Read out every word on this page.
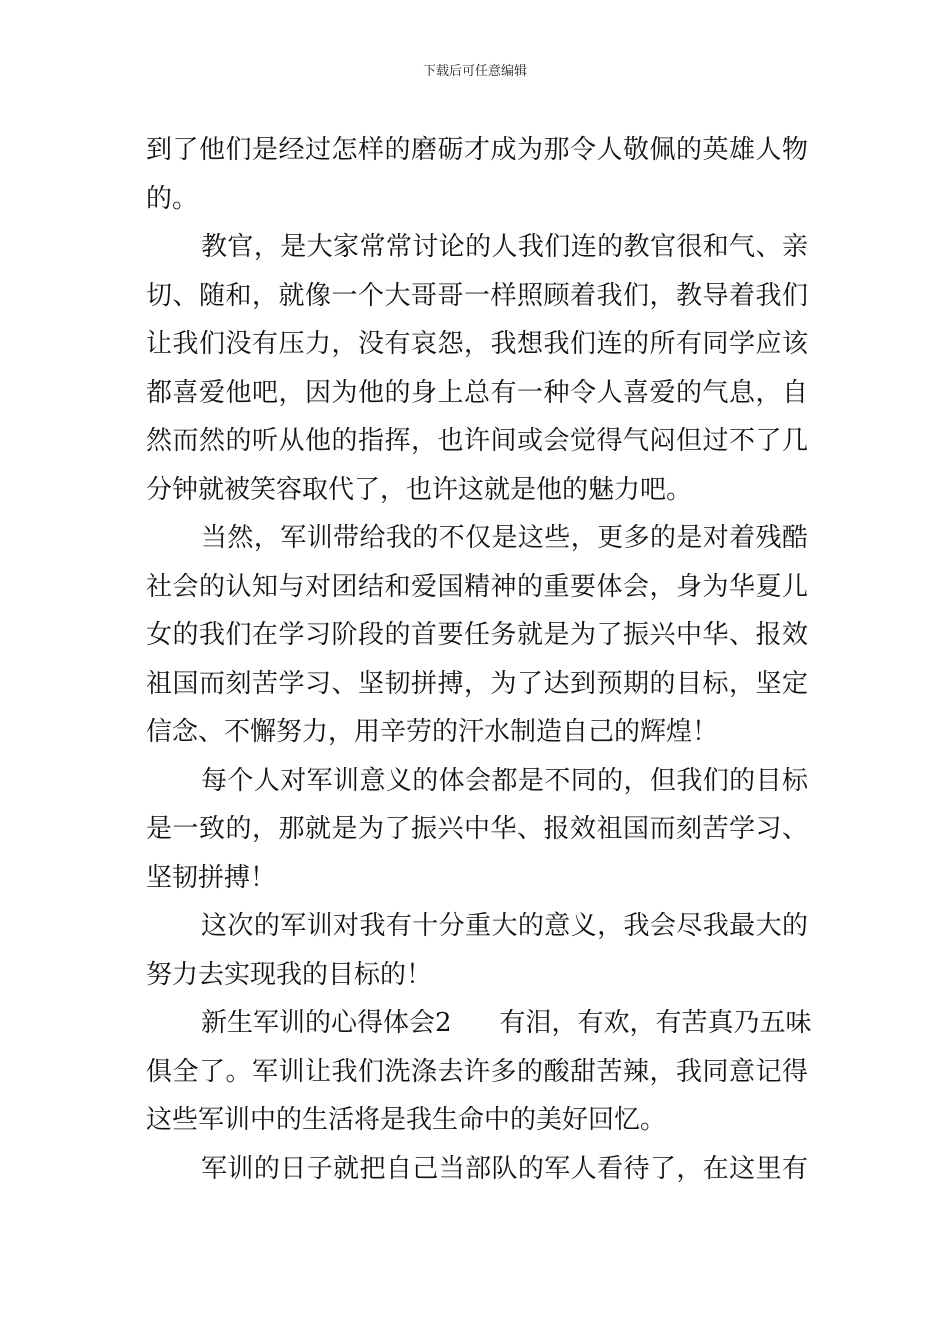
下载后可任意编辑
到了他们是经过怎样的磨砺才成为那令人敬佩的英雄人物
的。
教官，是大家常常讨论的人我们连的教官很和气、亲
切、随和，就像一个大哥哥一样照顾着我们，教导着我们
让我们没有压力，没有哀怨，我想我们连的所有同学应该
都喜爱他吧，因为他的身上总有一种令人喜爱的气息，自
然而然的听从他的指挥，也许间或会觉得气闷但过不了几
分钟就被笑容取代了，也许这就是他的魅力吧。
当然，军训带给我的不仅是这些，更多的是对着残酷
社会的认知与对团结和爱国精神的重要体会，身为华夏儿
女的我们在学习阶段的首要任务就是为了振兴中华、报效
祖国而刻苦学习、坚韧拼搏，为了达到预期的目标，坚定
信念、不懈努力，用辛劳的汗水制造自己的辉煌！
每个人对军训意义的体会都是不同的，但我们的目标
是一致的，那就是为了振兴中华、报效祖国而刻苦学习、
坚韧拼搏！
这次的军训对我有十分重大的意义，我会尽我最大的
努力去实现我的目标的！
新生军训的心得体会2 有泪，有欢，有苦真乃五味
俱全了。军训让我们洗涤去许多的酸甜苦辣，我同意记得
这些军训中的生活将是我生命中的美好回忆。
军训的日子就把自己当部队的军人看待了，在这里有
